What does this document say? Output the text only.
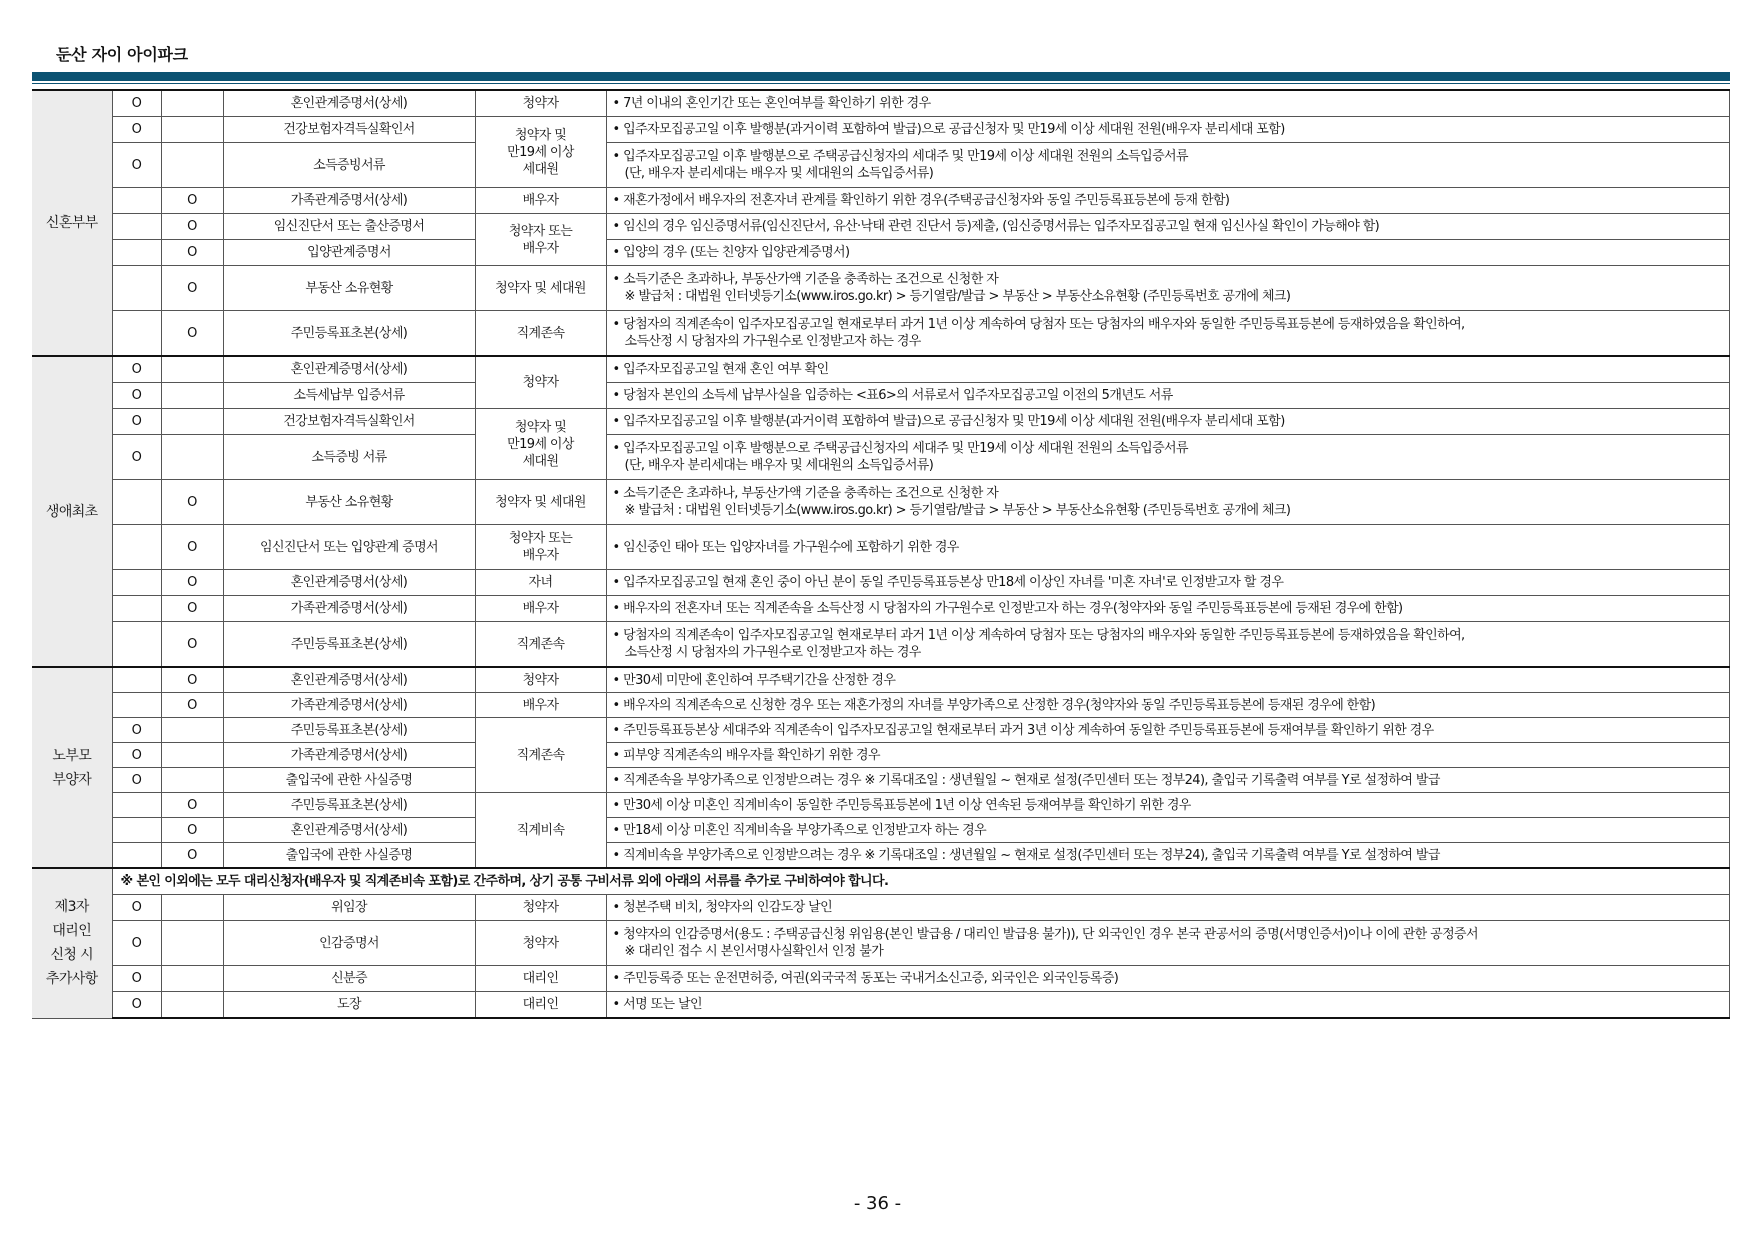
둔산 자이 아이파크
신혼부부	O		혼인관계증명서(상세)	청약자	• 7년 이내의 혼인기간 또는 혼인여부를 확인하기 위한 경우

	O		건강보험자격득실확인서	청약자 및
만19세 이상
세대원	• 입주자모집공고일 이후 발행분(과거이력 포함하여 발급)으로 공급신청자 및 만19세 이상 세대원 전원(배우자 분리세대 포함)

	O		소득증빙서류		• 입주자모집공고일 이후 발행분으로 주택공급신청자의 세대주 및 만19세 이상 세대원 전원의 소득입증서류
(단, 배우자 분리세대는 배우자 및 세대원의 소득입증서류)

		O	가족관계증명서(상세)	배우자	• 재혼가정에서 배우자의 전혼자녀 관계를 확인하기 위한 경우(주택공급신청자와 동일 주민등록표등본에 등재 한함)

		O	임신진단서 또는 출산증명서	청약자 또는
배우자	• 임신의 경우 임신증명서류(임신진단서, 유산·낙태 관련 진단서 등)제출, (임신증명서류는 입주자모집공고일 현재 임신사실 확인이 가능해야 함)

		O	입양관계증명서		• 입양의 경우 (또는 친양자 입양관계증명서)

		O	부동산 소유현황	청약자 및 세대원	• 소득기준은 초과하나, 부동산가액 기준을 충족하는 조건으로 신청한 자
※ 발급처 : 대법원 인터넷등기소(www.iros.go.kr) > 등기열람/발급 > 부동산 > 부동산소유현황 (주민등록번호 공개에 체크)

		O	주민등록표초본(상세)	직계존속	• 당첨자의 직계존속이 입주자모집공고일 현재로부터 과거 1년 이상 계속하여 당첨자 또는 당첨자의 배우자와 동일한 주민등록표등본에 등재하였음을 확인하여,
소득산정 시 당첨자의 가구원수로 인정받고자 하는 경우

생애최초	O		혼인관계증명서(상세)	청약자	• 입주자모집공고일 현재 혼인 여부 확인

	O		소득세납부 입증서류		• 당첨자 본인의 소득세 납부사실을 입증하는 <표6>의 서류로서 입주자모집공고일 이전의 5개년도 서류

	O		건강보험자격득실확인서	청약자 및
만19세 이상
세대원	• 입주자모집공고일 이후 발행분(과거이력 포함하여 발급)으로 공급신청자 및 만19세 이상 세대원 전원(배우자 분리세대 포함)

	O		소득증빙 서류		• 입주자모집공고일 이후 발행분으로 주택공급신청자의 세대주 및 만19세 이상 세대원 전원의 소득입증서류
(단, 배우자 분리세대는 배우자 및 세대원의 소득입증서류)

		O	부동산 소유현황	청약자 및 세대원	• 소득기준은 초과하나, 부동산가액 기준을 충족하는 조건으로 신청한 자
※ 발급처 : 대법원 인터넷등기소(www.iros.go.kr) > 등기열람/발급 > 부동산 > 부동산소유현황 (주민등록번호 공개에 체크)

		O	임신진단서 또는 입양관계 증명서	청약자 또는
배우자	• 임신중인 태아 또는 입양자녀를 가구원수에 포함하기 위한 경우

		O	혼인관계증명서(상세)	자녀	• 입주자모집공고일 현재 혼인 중이 아닌 분이 동일 주민등록표등본상 만18세 이상인 자녀를 '미혼 자녀'로 인정받고자 할 경우

		O	가족관계증명서(상세)	배우자	• 배우자의 전혼자녀 또는 직계존속을 소득산정 시 당첨자의 가구원수로 인정받고자 하는 경우(청약자와 동일 주민등록표등본에 등재된 경우에 한함)

		O	주민등록표초본(상세)	직계존속	• 당첨자의 직계존속이 입주자모집공고일 현재로부터 과거 1년 이상 계속하여 당첨자 또는 당첨자의 배우자와 동일한 주민등록표등본에 등재하였음을 확인하여,
소득산정 시 당첨자의 가구원수로 인정받고자 하는 경우

노부모
부양자		O	혼인관계증명서(상세)	청약자	• 만30세 미만에 혼인하여 무주택기간을 산정한 경우

		O	가족관계증명서(상세)	배우자	• 배우자의 직계존속으로 신청한 경우 또는 재혼가정의 자녀를 부양가족으로 산정한 경우(청약자와 동일 주민등록표등본에 등재된 경우에 한함)

	O		주민등록표초본(상세)	직계존속	• 주민등록표등본상 세대주와 직계존속이 입주자모집공고일 현재로부터 과거 3년 이상 계속하여 동일한 주민등록표등본에 등재여부를 확인하기 위한 경우

	O		가족관계증명서(상세)		• 피부양 직계존속의 배우자를 확인하기 위한 경우

	O		출입국에 관한 사실증명		• 직계존속을 부양가족으로 인정받으려는 경우 ※ 기록대조일 : 생년월일 ~ 현재로 설정(주민센터 또는 정부24), 출입국 기록출력 여부를 Y로 설정하여 발급

		O	주민등록표초본(상세)	직계비속	• 만30세 이상 미혼인 직계비속이 동일한 주민등록표등본에 1년 이상 연속된 등재여부를 확인하기 위한 경우

		O	혼인관계증명서(상세)		• 만18세 이상 미혼인 직계비속을 부양가족으로 인정받고자 하는 경우

		O	출입국에 관한 사실증명		• 직계비속을 부양가족으로 인정받으려는 경우 ※ 기록대조일 : 생년월일 ~ 현재로 설정(주민센터 또는 정부24), 출입국 기록출력 여부를 Y로 설정하여 발급

제3자
대리인
신청 시
추가사항	※ 본인 이외에는 모두 대리신청자(배우자 및 직계존비속 포함)로 간주하며, 상기 공통 구비서류 외에 아래의 서류를 추가로 구비하여야 합니다.				
	O		위임장	청약자	• 청본주택 비치, 청약자의 인감도장 날인

	O		인감증명서	청약자	• 청약자의 인감증명서(용도 : 주택공급신청 위임용(본인 발급용 / 대리인 발급용 불가)), 단 외국인인 경우 본국 관공서의 증명(서명인증서)이나 이에 관한 공정증서
※ 대리인 접수 시 본인서명사실확인서 인정 불가

	O		신분증	대리인	• 주민등록증 또는 운전면허증, 여권(외국국적 동포는 국내거소신고증, 외국인은 외국인등록증)

	O		도장	대리인	• 서명 또는 날인
- 36 -
